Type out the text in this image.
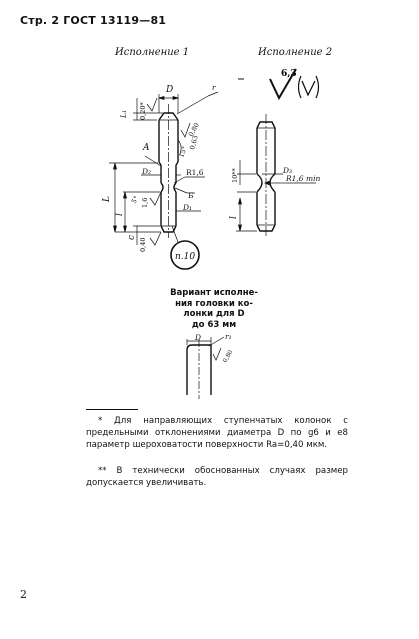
Стр. 2 ГОСТ 13119—81
Исполнение 1	Исполнение 2
6,3
п.10
D	r
A
D₂	R1,6
Б
D₁
L₁ 0,20*
0,80
15°
0,63
5° 1,6
0,40
L
l
c
D₃
R1,6 min
10**
l
Вариант исполне-
ния головки ко-
лонки для D
до 63 мм
D	r₁
0,80
* Для направляющих ступенчатых колонок с предельными отклонениями диаметра D по g6 и e8 параметр шероховатости поверхности Ra=0,40 мкм.
** В технически обоснованных случаях размер допускается увеличивать.
2
